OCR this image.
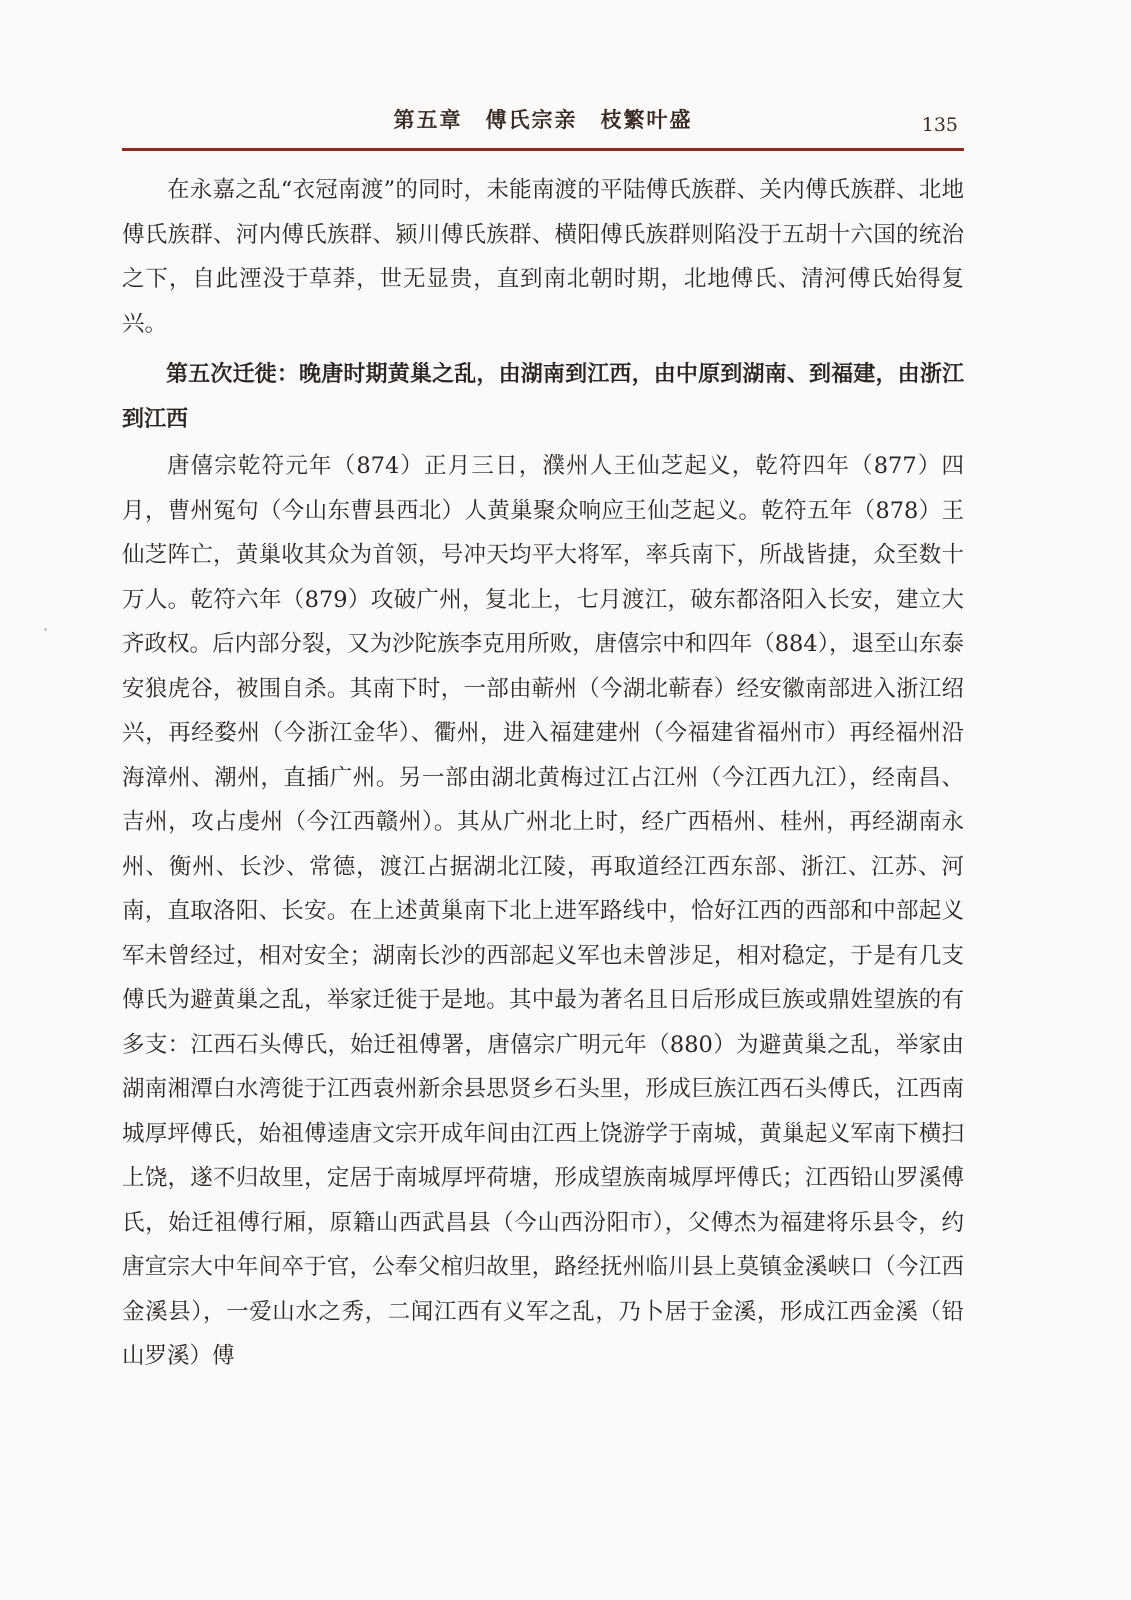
第五章　傅氏宗亲　枝繁叶盛	135

在永嘉之乱“衣冠南渡”的同时，未能南渡的平陆傅氏族群、关内傅氏族群、北地傅氏族群、河内傅氏族群、颍川傅氏族群、横阳傅氏族群则陷没于五胡十六国的统治之下，自此湮没于草莽，世无显贵，直到南北朝时期，北地傅氏、清河傅氏始得复兴。

第五次迁徙：晚唐时期黄巢之乱，由湖南到江西，由中原到湖南、到福建，由浙江到江西

唐僖宗乾符元年（874）正月三日，濮州人王仙芝起义，乾符四年（877）四月，曹州冤句（今山东曹县西北）人黄巢聚众响应王仙芝起义。乾符五年（878）王仙芝阵亡，黄巢收其众为首领，号冲天均平大将军，率兵南下，所战皆捷，众至数十万人。乾符六年（879）攻破广州，复北上，七月渡江，破东都洛阳入长安，建立大齐政权。后内部分裂，又为沙陀族李克用所败，唐僖宗中和四年（884），退至山东泰安狼虎谷，被围自杀。其南下时，一部由蕲州（今湖北蕲春）经安徽南部进入浙江绍兴，再经婺州（今浙江金华）、衢州，进入福建建州（今福建省福州市）再经福州沿海漳州、潮州，直插广州。另一部由湖北黄梅过江占江州（今江西九江），经南昌、吉州，攻占虔州（今江西赣州）。其从广州北上时，经广西梧州、桂州，再经湖南永州、衡州、长沙、常德，渡江占据湖北江陵，再取道经江西东部、浙江、江苏、河南，直取洛阳、长安。在上述黄巢南下北上进军路线中，恰好江西的西部和中部起义军未曾经过，相对安全；湖南长沙的西部起义军也未曾涉足，相对稳定，于是有几支傅氏为避黄巢之乱，举家迁徙于是地。其中最为著名且日后形成巨族或鼎姓望族的有多支：江西石头傅氏，始迁祖傅署，唐僖宗广明元年（880）为避黄巢之乱，举家由湖南湘潭白水湾徙于江西袁州新余县思贤乡石头里，形成巨族江西石头傅氏，江西南城厚坪傅氏，始祖傅逵唐文宗开成年间由江西上饶游学于南城，黄巢起义军南下横扫上饶，遂不归故里，定居于南城厚坪荷塘，形成望族南城厚坪傅氏；江西铅山罗溪傅氏，始迁祖傅行厢，原籍山西武昌县（今山西汾阳市），父傅杰为福建将乐县令，约唐宣宗大中年间卒于官，公奉父棺归故里，路经抚州临川县上莫镇金溪峡口（今江西金溪县），一爱山水之秀，二闻江西有义军之乱，乃卜居于金溪，形成江西金溪（铅山罗溪）傅
